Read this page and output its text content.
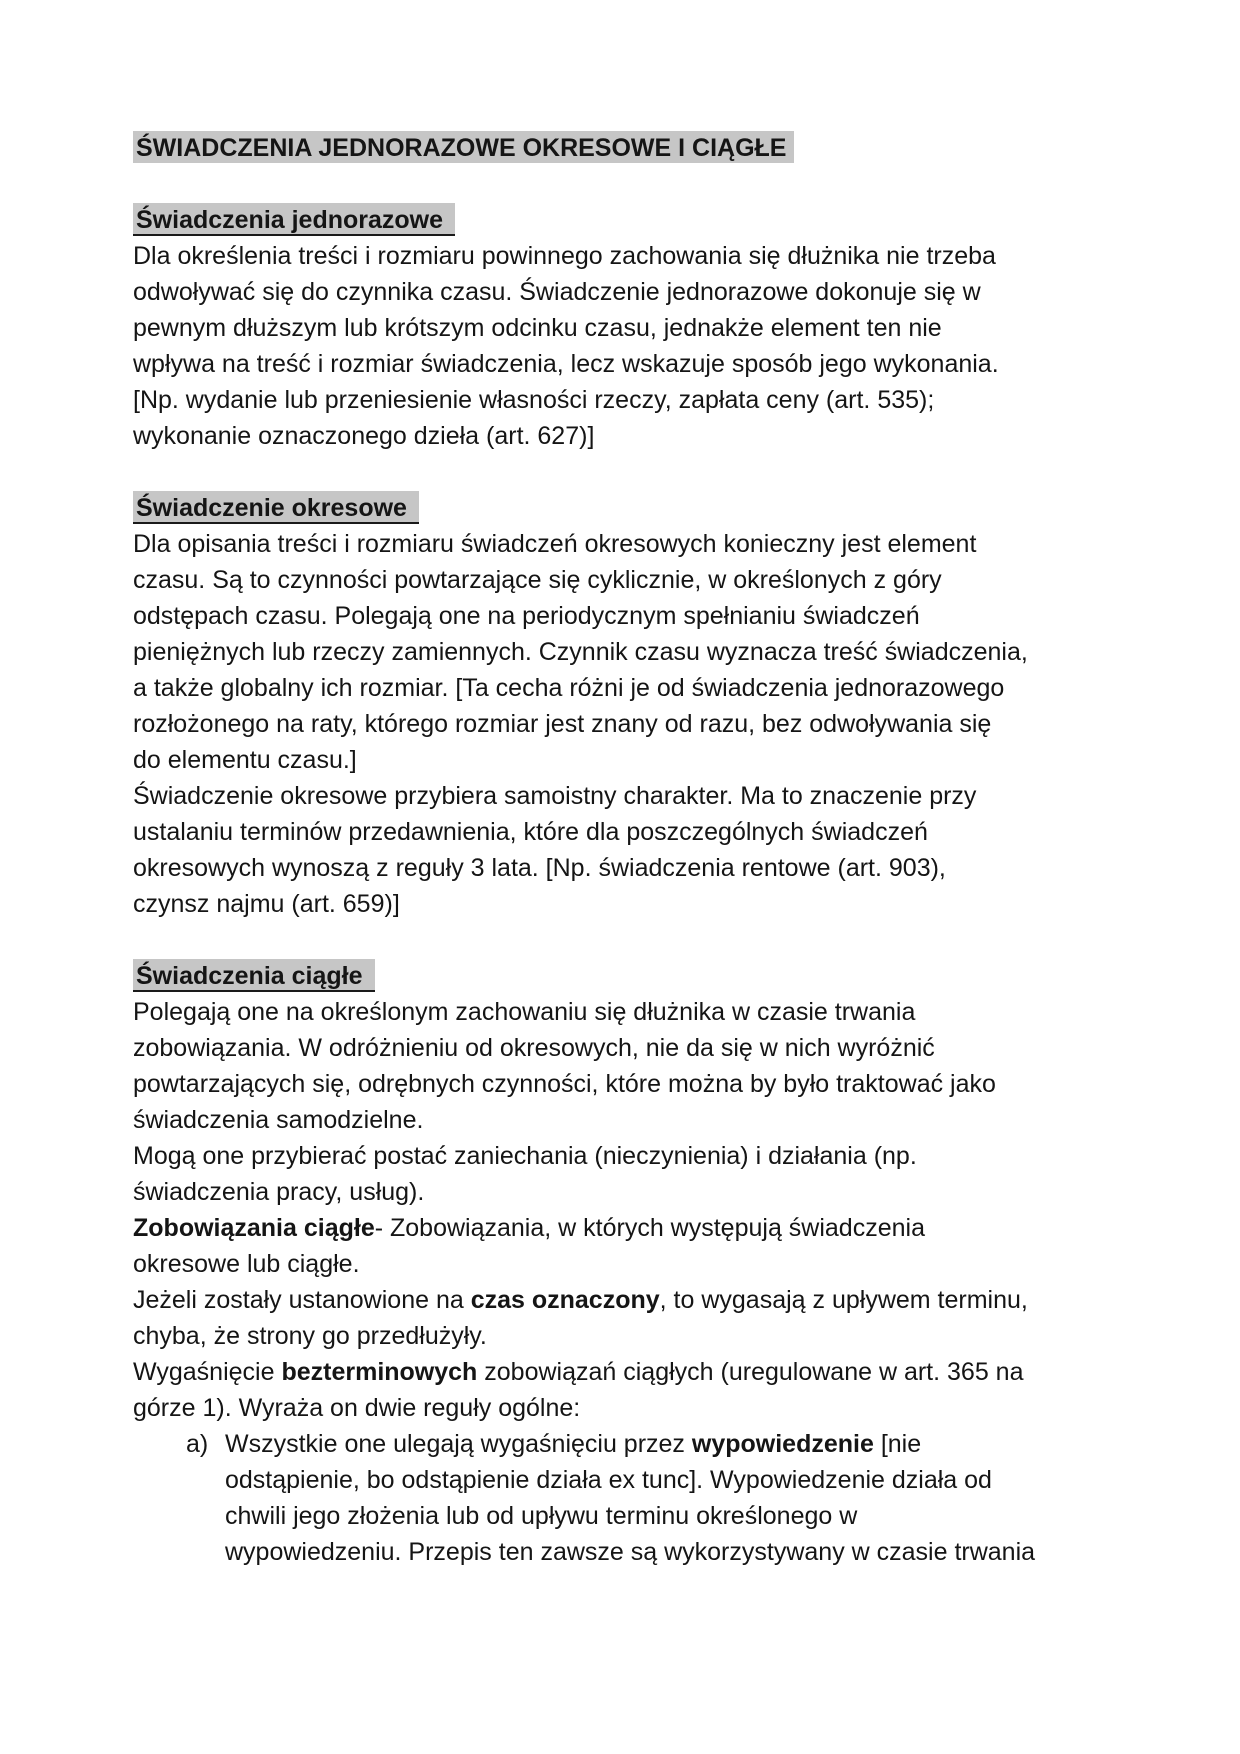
ŚWIADCZENIA JEDNORAZOWE OKRESOWE I CIĄGŁE

Świadczenia jednorazowe
Dla określenia treści i rozmiaru powinnego zachowania się dłużnika nie trzeba
odwoływać się do czynnika czasu. Świadczenie jednorazowe dokonuje się w
pewnym dłuższym lub krótszym odcinku czasu, jednakże element ten nie
wpływa na treść i rozmiar świadczenia, lecz wskazuje sposób jego wykonania.
[Np. wydanie lub przeniesienie własności rzeczy, zapłata ceny (art. 535);
wykonanie oznaczonego dzieła (art. 627)]

Świadczenie okresowe
Dla opisania treści i rozmiaru świadczeń okresowych konieczny jest element
czasu. Są to czynności powtarzające się cyklicznie, w określonych z góry
odstępach czasu. Polegają one na periodycznym spełnianiu świadczeń
pieniężnych lub rzeczy zamiennych. Czynnik czasu wyznacza treść świadczenia,
a także globalny ich rozmiar. [Ta cecha różni je od świadczenia jednorazowego
rozłożonego na raty, którego rozmiar jest znany od razu, bez odwoływania się
do elementu czasu.]
Świadczenie okresowe przybiera samoistny charakter. Ma to znaczenie przy
ustalaniu terminów przedawnienia, które dla poszczególnych świadczeń
okresowych wynoszą z reguły 3 lata. [Np. świadczenia rentowe (art. 903),
czynsz najmu (art. 659)]

Świadczenia ciągłe
Polegają one na określonym zachowaniu się dłużnika w czasie trwania
zobowiązania. W odróżnieniu od okresowych, nie da się w nich wyróżnić
powtarzających się, odrębnych czynności, które można by było traktować jako
świadczenia samodzielne.
Mogą one przybierać postać zaniechania (nieczynienia) i działania (np.
świadczenia pracy, usług).
Zobowiązania ciągłe- Zobowiązania, w których występują świadczenia
okresowe lub ciągłe.
Jeżeli zostały ustanowione na czas oznaczony, to wygasają z upływem terminu,
chyba, że strony go przedłużyły.
Wygaśnięcie bezterminowych zobowiązań ciągłych (uregulowane w art. 365 na
górze 1). Wyraża on dwie reguły ogólne:
a) Wszystkie one ulegają wygaśnięciu przez wypowiedzenie [nie
odstąpienie, bo odstąpienie działa ex tunc]. Wypowiedzenie działa od
chwili jego złożenia lub od upływu terminu określonego w
wypowiedzeniu. Przepis ten zawsze są wykorzystywany w czasie trwania
